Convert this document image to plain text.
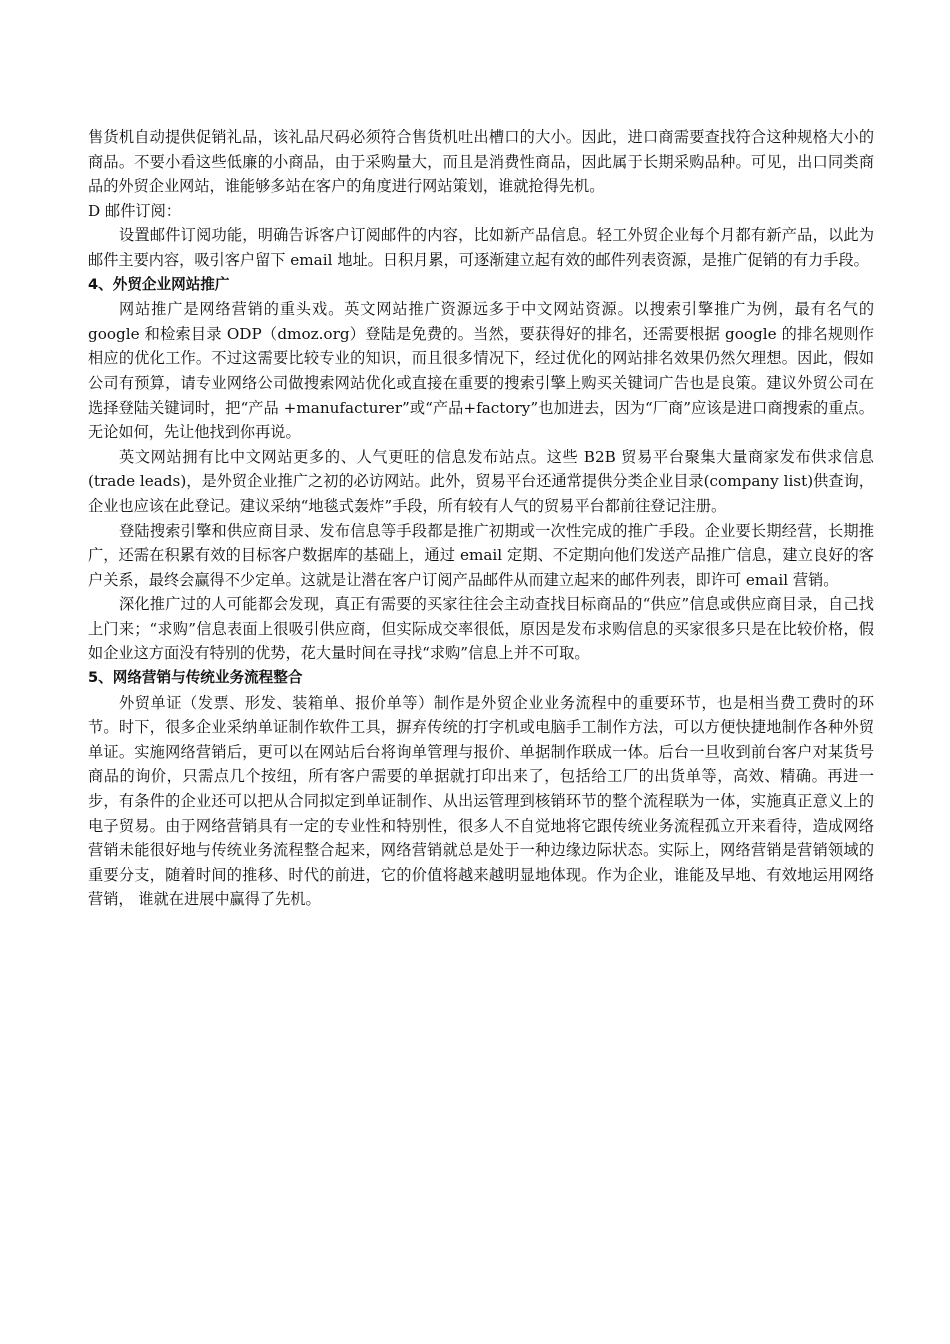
售货机自动提供促销礼品，该礼品尺码必须符合售货机吐出槽口的大小。因此，进口商需要查找符合这种规格大小的商品。不要小看这些低廉的小商品，由于采购量大，而且是消费性商品，因此属于长期采购品种。可见，出口同类商品的外贸企业网站，谁能够多站在客户的角度进行网站策划，谁就抢得先机。

D 邮件订阅：

设置邮件订阅功能，明确告诉客户订阅邮件的内容，比如新产品信息。轻工外贸企业每个月都有新产品，以此为邮件主要内容，吸引客户留下 email 地址。日积月累，可逐渐建立起有效的邮件列表资源，是推广促销的有力手段。

4、外贸企业网站推广

网站推广是网络营销的重头戏。英文网站推广资源远多于中文网站资源。以搜索引擎推广为例，最有名气的 google 和检索目录 ODP（dmoz.org）登陆是免费的。当然，要获得好的排名，还需要根据 google 的排名规则作相应的优化工作。不过这需要比较专业的知识，而且很多情况下，经过优化的网站排名效果仍然欠理想。因此，假如公司有预算，请专业网络公司做搜索网站优化或直接在重要的搜索引擎上购买关键词广告也是良策。建议外贸公司在选择登陆关键词时，把“产品 +manufacturer”或“产品+factory”也加进去，因为“厂商”应该是进口商搜索的重点。无论如何，先让他找到你再说。

英文网站拥有比中文网站更多的、人气更旺的信息发布站点。这些 B2B 贸易平台聚集大量商家发布供求信息(trade leads)，是外贸企业推广之初的必访网站。此外，贸易平台还通常提供分类企业目录(company list)供查询，企业也应该在此登记。建议采纳“地毯式轰炸”手段，所有较有人气的贸易平台都前往登记注册。

登陆搜索引擎和供应商目录、发布信息等手段都是推广初期或一次性完成的推广手段。企业要长期经营，长期推广，还需在积累有效的目标客户数据库的基础上，通过 email 定期、不定期向他们发送产品推广信息，建立良好的客户关系，最终会赢得不少定单。这就是让潜在客户订阅产品邮件从而建立起来的邮件列表，即许可 email 营销。

深化推广过的人可能都会发现，真正有需要的买家往往会主动查找目标商品的“供应”信息或供应商目录，自己找上门来；“求购”信息表面上很吸引供应商，但实际成交率很低，原因是发布求购信息的买家很多只是在比较价格，假如企业这方面没有特别的优势，花大量时间在寻找“求购”信息上并不可取。

5、网络营销与传统业务流程整合

外贸单证（发票、形发、装箱单、报价单等）制作是外贸企业业务流程中的重要环节，也是相当费工费时的环节。时下，很多企业采纳单证制作软件工具，摒弃传统的打字机或电脑手工制作方法，可以方便快捷地制作各种外贸单证。实施网络营销后，更可以在网站后台将询单管理与报价、单据制作联成一体。后台一旦收到前台客户对某货号商品的询价，只需点几个按纽，所有客户需要的单据就打印出来了，包括给工厂的出货单等，高效、精确。再进一步，有条件的企业还可以把从合同拟定到单证制作、从出运管理到核销环节的整个流程联为一体，实施真正意义上的电子贸易。由于网络营销具有一定的专业性和特别性，很多人不自觉地将它跟传统业务流程孤立开来看待，造成网络营销未能很好地与传统业务流程整合起来，网络营销就总是处于一种边缘边际状态。实际上，网络营销是营销领域的重要分支，随着时间的推移、时代的前进，它的价值将越来越明显地体现。作为企业，谁能及早地、有效地运用网络营销， 谁就在进展中赢得了先机。
